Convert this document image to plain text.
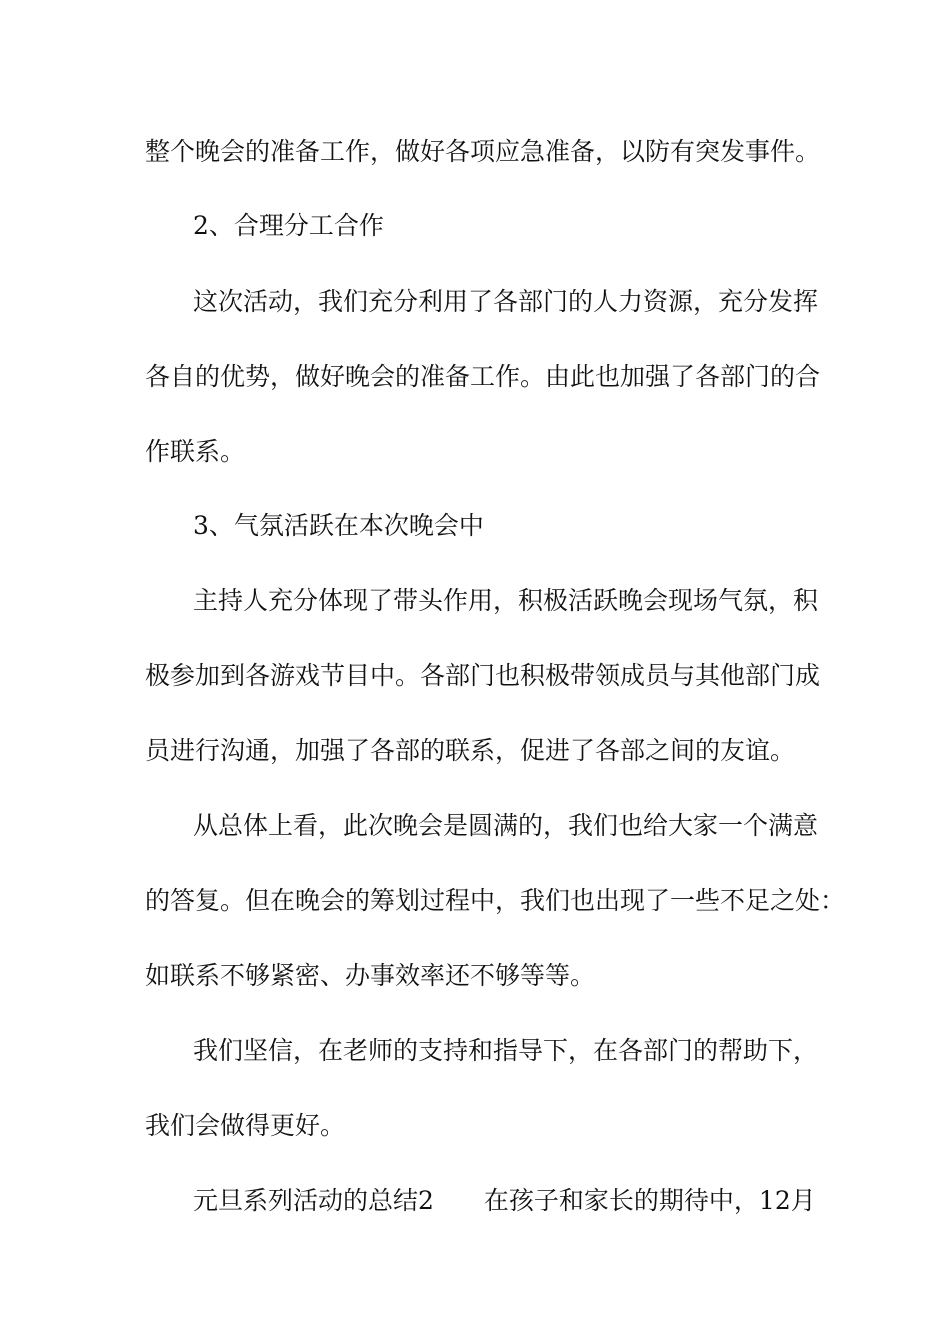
整个晚会的准备工作，做好各项应急准备，以防有突发事件。
2、合理分工合作
这次活动，我们充分利用了各部门的人力资源，充分发挥
各自的优势，做好晚会的准备工作。由此也加强了各部门的合
作联系。
3、气氛活跃在本次晚会中
主持人充分体现了带头作用，积极活跃晚会现场气氛，积
极参加到各游戏节目中。各部门也积极带领成员与其他部门成
员进行沟通，加强了各部的联系，促进了各部之间的友谊。
从总体上看，此次晚会是圆满的，我们也给大家一个满意
的答复。但在晚会的筹划过程中，我们也出现了一些不足之处：
如联系不够紧密、办事效率还不够等等。
我们坚信，在老师的支持和指导下，在各部门的帮助下，
我们会做得更好。
元旦系列活动的总结2 在孩子和家长的期待中，12月
